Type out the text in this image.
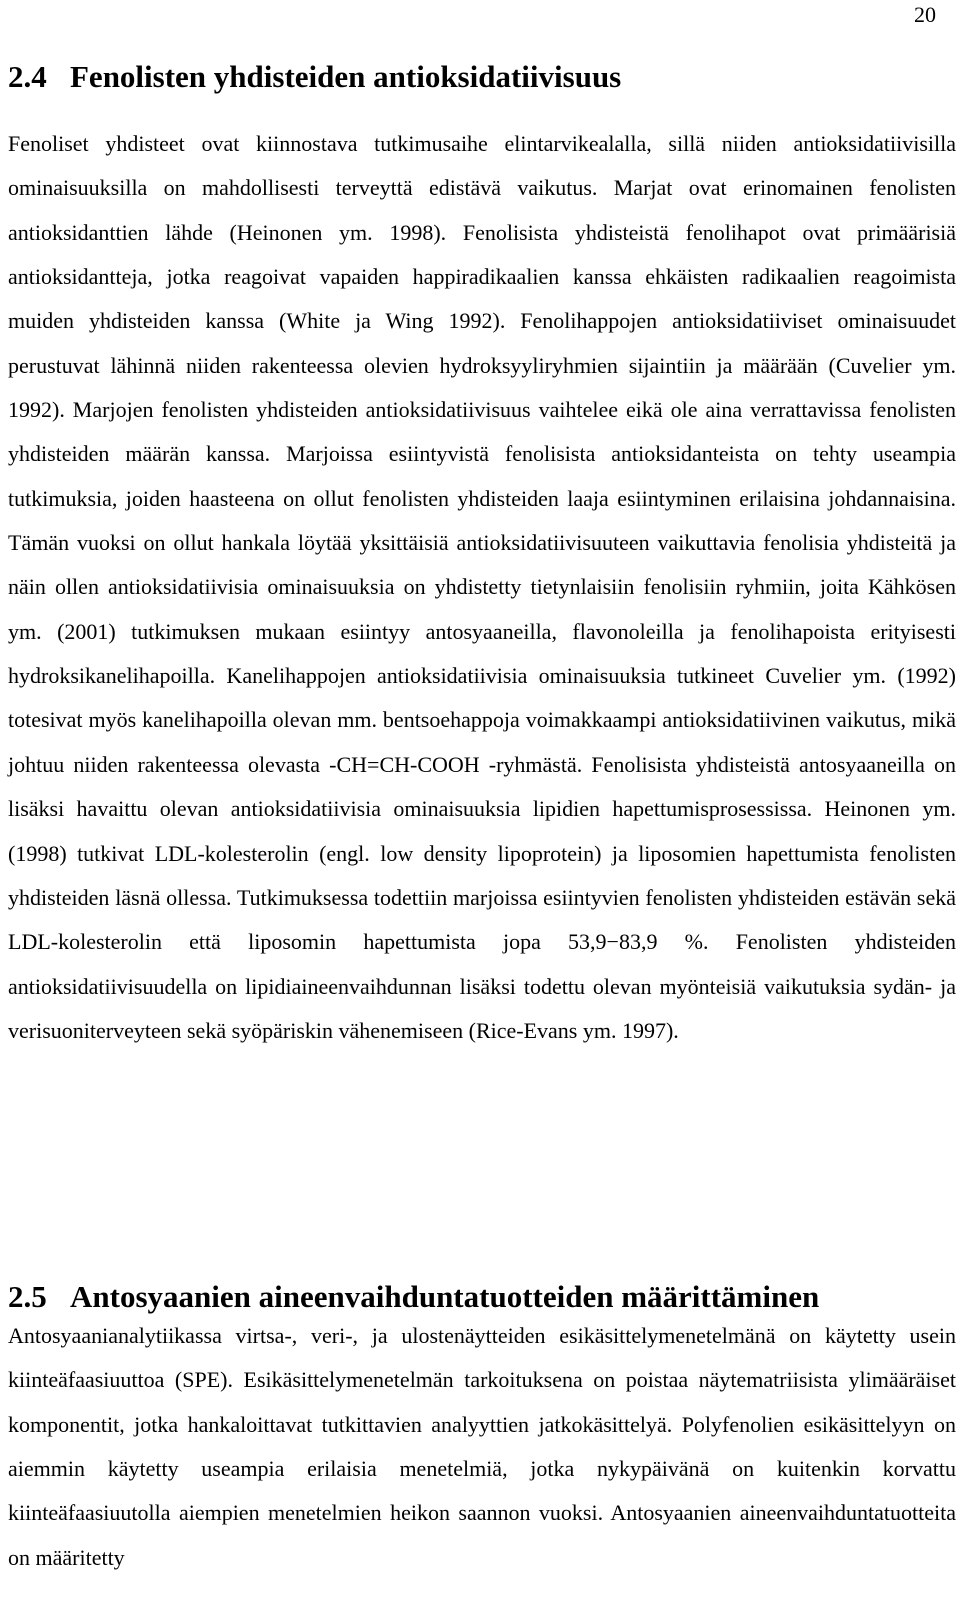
20
2.4 Fenolisten yhdisteiden antioksidatiivisuus

Fenoliset yhdisteet ovat kiinnostava tutkimusaihe elintarvikealalla, sillä niiden antioksidatiivisilla ominaisuuksilla on mahdollisesti terveyttä edistävä vaikutus. Marjat ovat erinomainen fenolisten antioksidanttien lähde (Heinonen ym. 1998). Fenolisista yhdisteistä fenolihapot ovat primäärisiä antioksidantteja, jotka reagoivat vapaiden happiradikaalien kanssa ehkäisten radikaalien reagoimista muiden yhdisteiden kanssa (White ja Wing 1992). Fenolihappojen antioksidatiiviset ominaisuudet perustuvat lähinnä niiden rakenteessa olevien hydroksyyliryhmien sijaintiin ja määrään (Cuvelier ym. 1992). Marjojen fenolisten yhdisteiden antioksidatiivisuus vaihtelee eikä ole aina verrattavissa fenolisten yhdisteiden määrän kanssa. Marjoissa esiintyvistä fenolisista antioksidanteista on tehty useampia tutkimuksia, joiden haasteena on ollut fenolisten yhdisteiden laaja esiintyminen erilaisina johdannaisina. Tämän vuoksi on ollut hankala löytää yksittäisiä antioksidatiivisuuteen vaikuttavia fenolisia yhdisteitä ja näin ollen antioksidatiivisia ominaisuuksia on yhdistetty tietynlaisiin fenolisiin ryhmiin, joita Kähkösen ym. (2001) tutkimuksen mukaan esiintyy antosyaaneilla, flavonoleilla ja fenolihapoista erityisesti hydroksikanelihapoilla. Kanelihappojen antioksidatiivisia ominaisuuksia tutkineet Cuvelier ym. (1992) totesivat myös kanelihapoilla olevan mm. bentsoehappoja voimakkaampi antioksidatiivinen vaikutus, mikä johtuu niiden rakenteessa olevasta -CH=CH-COOH -ryhmästä. Fenolisista yhdisteistä antosyaaneilla on lisäksi havaittu olevan antioksidatiivisia ominaisuuksia lipidien hapettumisprosessissa. Heinonen ym. (1998) tutkivat LDL-kolesterolin (engl. low density lipoprotein) ja liposomien hapettumista fenolisten yhdisteiden läsnä ollessa. Tutkimuksessa todettiin marjoissa esiintyvien fenolisten yhdisteiden estävän sekä LDL-kolesterolin että liposomin hapettumista jopa 53,9−83,9 %. Fenolisten yhdisteiden antioksidatiivisuudella on lipidiaineenvaihdunnan lisäksi todettu olevan myönteisiä vaikutuksia sydän- ja verisuoniterveyteen sekä syöpäriskin vähenemiseen (Rice-Evans ym. 1997).

2.5 Antosyaanien aineenvaihduntatuotteiden määrittäminen

Antosyaanianalytiikassa virtsa-, veri-, ja ulostenäytteiden esikäsittelymenetelmänä on käytetty usein kiinteäfaasiuuttoa (SPE). Esikäsittelymenetelmän tarkoituksena on poistaa näytematriisista ylimääräiset komponentit, jotka hankaloittavat tutkittavien analyyttien jatkokäsittelyä. Polyfenolien esikäsittelyyn on aiemmin käytetty useampia erilaisia menetelmiä, jotka nykypäivänä on kuitenkin korvattu kiinteäfaasiuutolla aiempien menetelmien heikon saannon vuoksi. Antosyaanien aineenvaihduntatuotteita on määritetty
